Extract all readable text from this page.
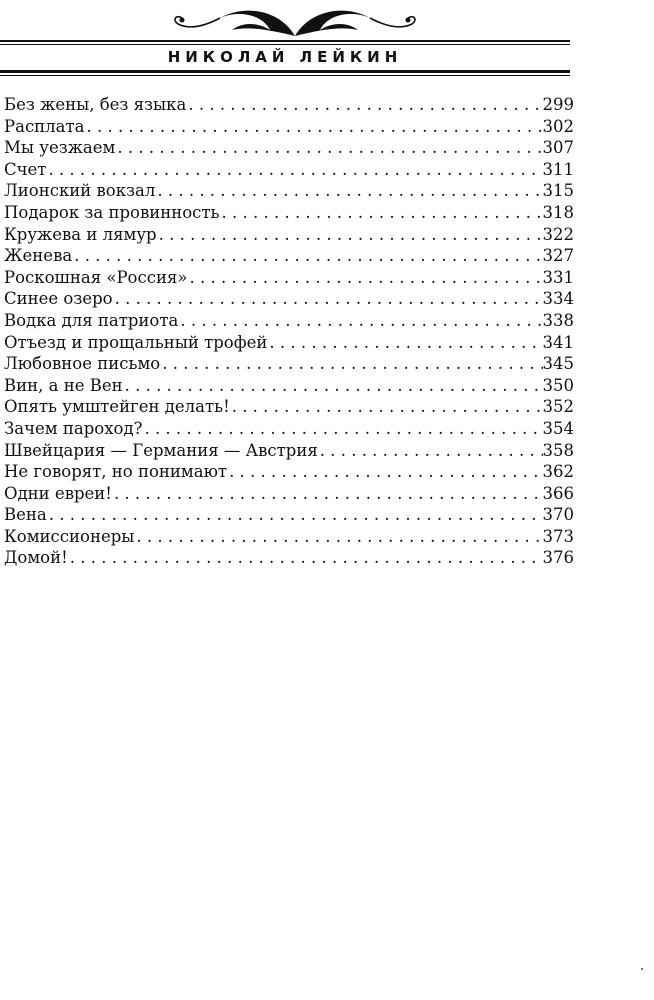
НИКОЛАЙ ЛЕЙКИН
Без жены, без языка . . .	299
Расплата . . .	302
Мы уезжаем . . .	307
Счет . . .	311
Лионский вокзал . . .	315
Подарок за провинность . . .	318
Кружева и лямур . . .	322
Женева . . .	327
Роскошная «Россия» . . .	331
Синее озеро . . .	334
Водка для патриота . . .	338
Отъезд и прощальный трофей . . .	341
Любовное письмо . . .	345
Вин, а не Вен . . .	350
Опять умштейген делать! . . .	352
Зачем пароход? . . .	354
Швейцария — Германия — Австрия . . .	358
Не говорят, но понимают . . .	362
Одни евреи! . . .	366
Вена . . .	370
Комиссионеры . . .	373
Домой! . . .	376
